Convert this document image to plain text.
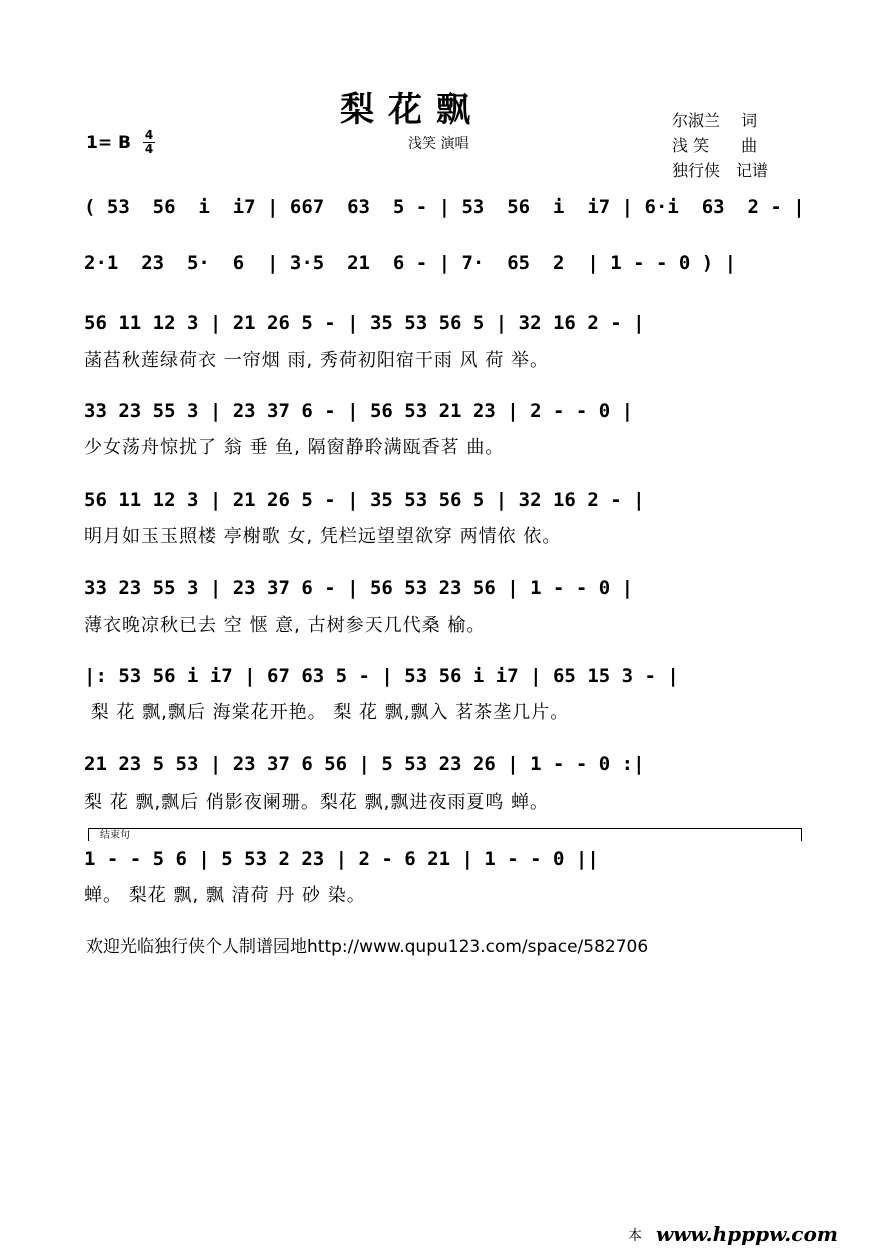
梨花飘
浅笑 演唱
尔淑兰　 词
浅 笑　　曲
独行侠　记谱
1= B 4
4
( 53  56  i  i7 | 667  63  5 - | 53  56  i  i7 | 6·i  63  2 - |
2·1  23  5·  6  | 3·5  21  6 - | 7·  65  2  | 1 - - 0 ) |
56 11 12 3 | 21 26 5 - | 35 53 56 5 | 32 16 2 - |
菡萏秋莲绿荷衣 一帘烟 雨, 秀荷初阳宿干雨 风 荷 举。
33 23 55 3 | 23 37 6 - | 56 53 21 23 | 2 - - 0 |
少女荡舟惊扰了 翁 垂 鱼, 隔窗静聆满瓯香茗 曲。
56 11 12 3 | 21 26 5 - | 35 53 56 5 | 32 16 2 - |
明月如玉玉照楼 亭榭歌 女, 凭栏远望望欲穿 两情依 依。
33 23 55 3 | 23 37 6 - | 56 53 23 56 | 1 - - 0 |
薄衣晚凉秋已去 空 惬 意, 古树参天几代桑 榆。
|: 53 56 i i7 | 67 63 5 - | 53 56 i i7 | 65 15 3 - |
梨 花 飘,飘后 海棠花开艳。 梨 花 飘,飘入 茗茶垄几片。
21 23 5 53 | 23 37 6 56 | 5 53 23 26 | 1 - - 0 :|
梨 花 飘,飘后 俏影夜阑珊。梨花 飘,飘进夜雨夏鸣 蝉。
结束句
1 - - 5 6 | 5 53 2 23 | 2 - 6 21 | 1 - - 0 ||
蝉。 梨花 飘, 飘 清荷 丹 砂 染。
欢迎光临独行侠个人制谱园地http://www.qupu123.com/space/582706
本 www.hpppw.com
